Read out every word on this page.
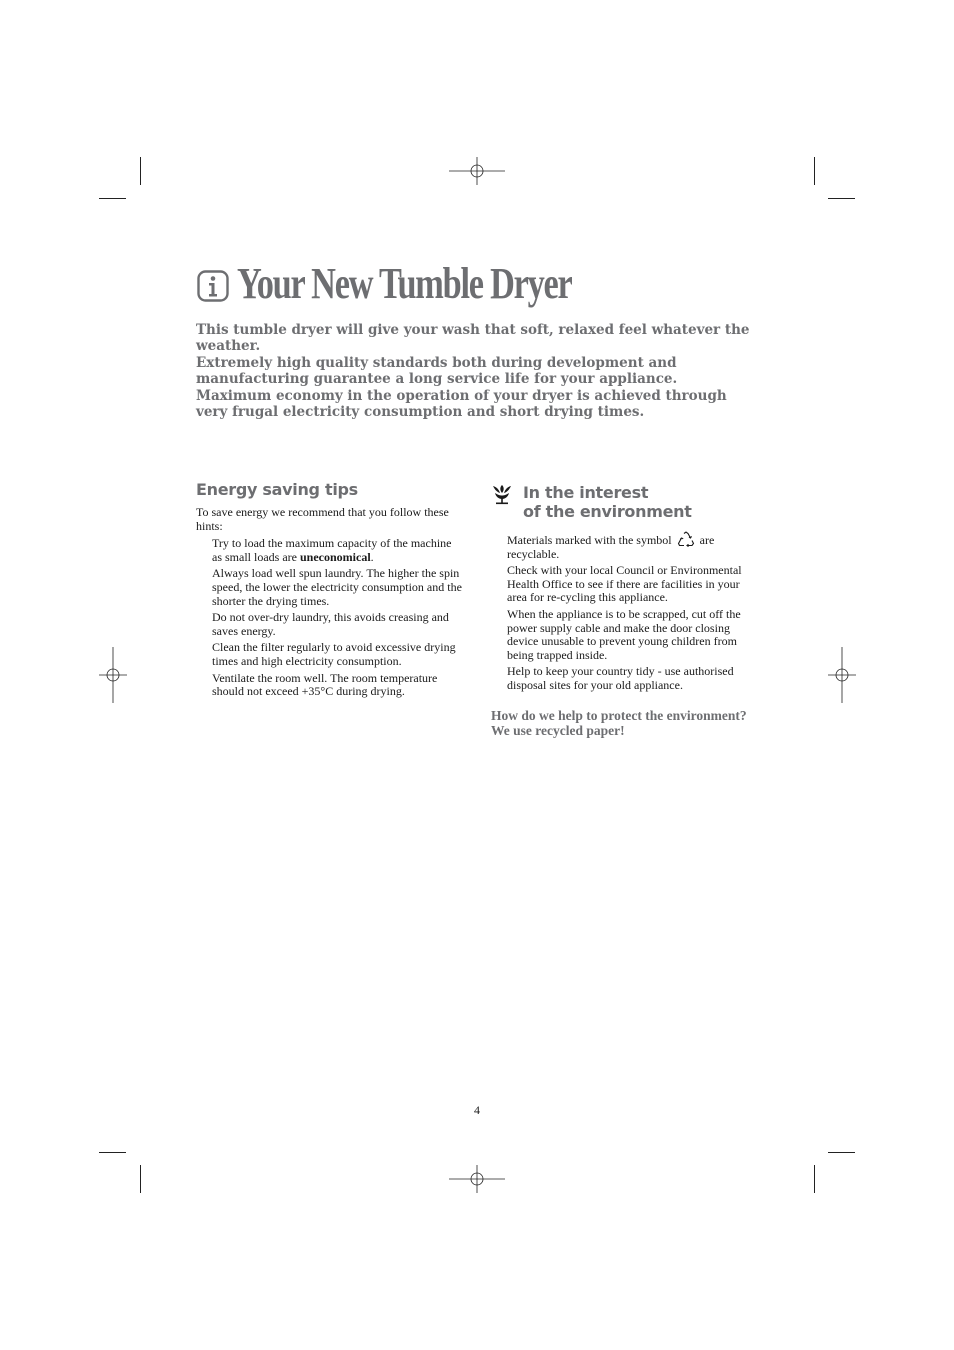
Your New Tumble Dryer

This tumble dryer will give your wash that soft, relaxed feel whatever the weather.

Extremely high quality standards both during development and manufacturing guarantee a long service life for your appliance.

Maximum economy in the operation of your dryer is achieved through very frugal electricity consumption and short drying times.

Energy saving tips

To save energy we recommend that you follow these hints:

Try to load the maximum capacity of the machine as small loads are uneconomical.
Always load well spun laundry. The higher the spin speed, the lower the electricity consumption and the shorter the drying times.
Do not over-dry laundry, this avoids creasing and saves energy.
Clean the filter regularly to avoid excessive drying times and high electricity consumption.
Ventilate the room well. The room temperature should not exceed +35°C during drying.
In the interest
of the environment
Materials marked with the symbol are recyclable.
Check with your local Council or Environmental Health Office to see if there are facilities in your area for re-cycling this appliance.
When the appliance is to be scrapped, cut off the power supply cable and make the door closing device unusable to prevent young children from being trapped inside.
Help to keep your country tidy - use authorised disposal sites for your old appliance.
How do we help to protect the environment? We use recycled paper!
4
